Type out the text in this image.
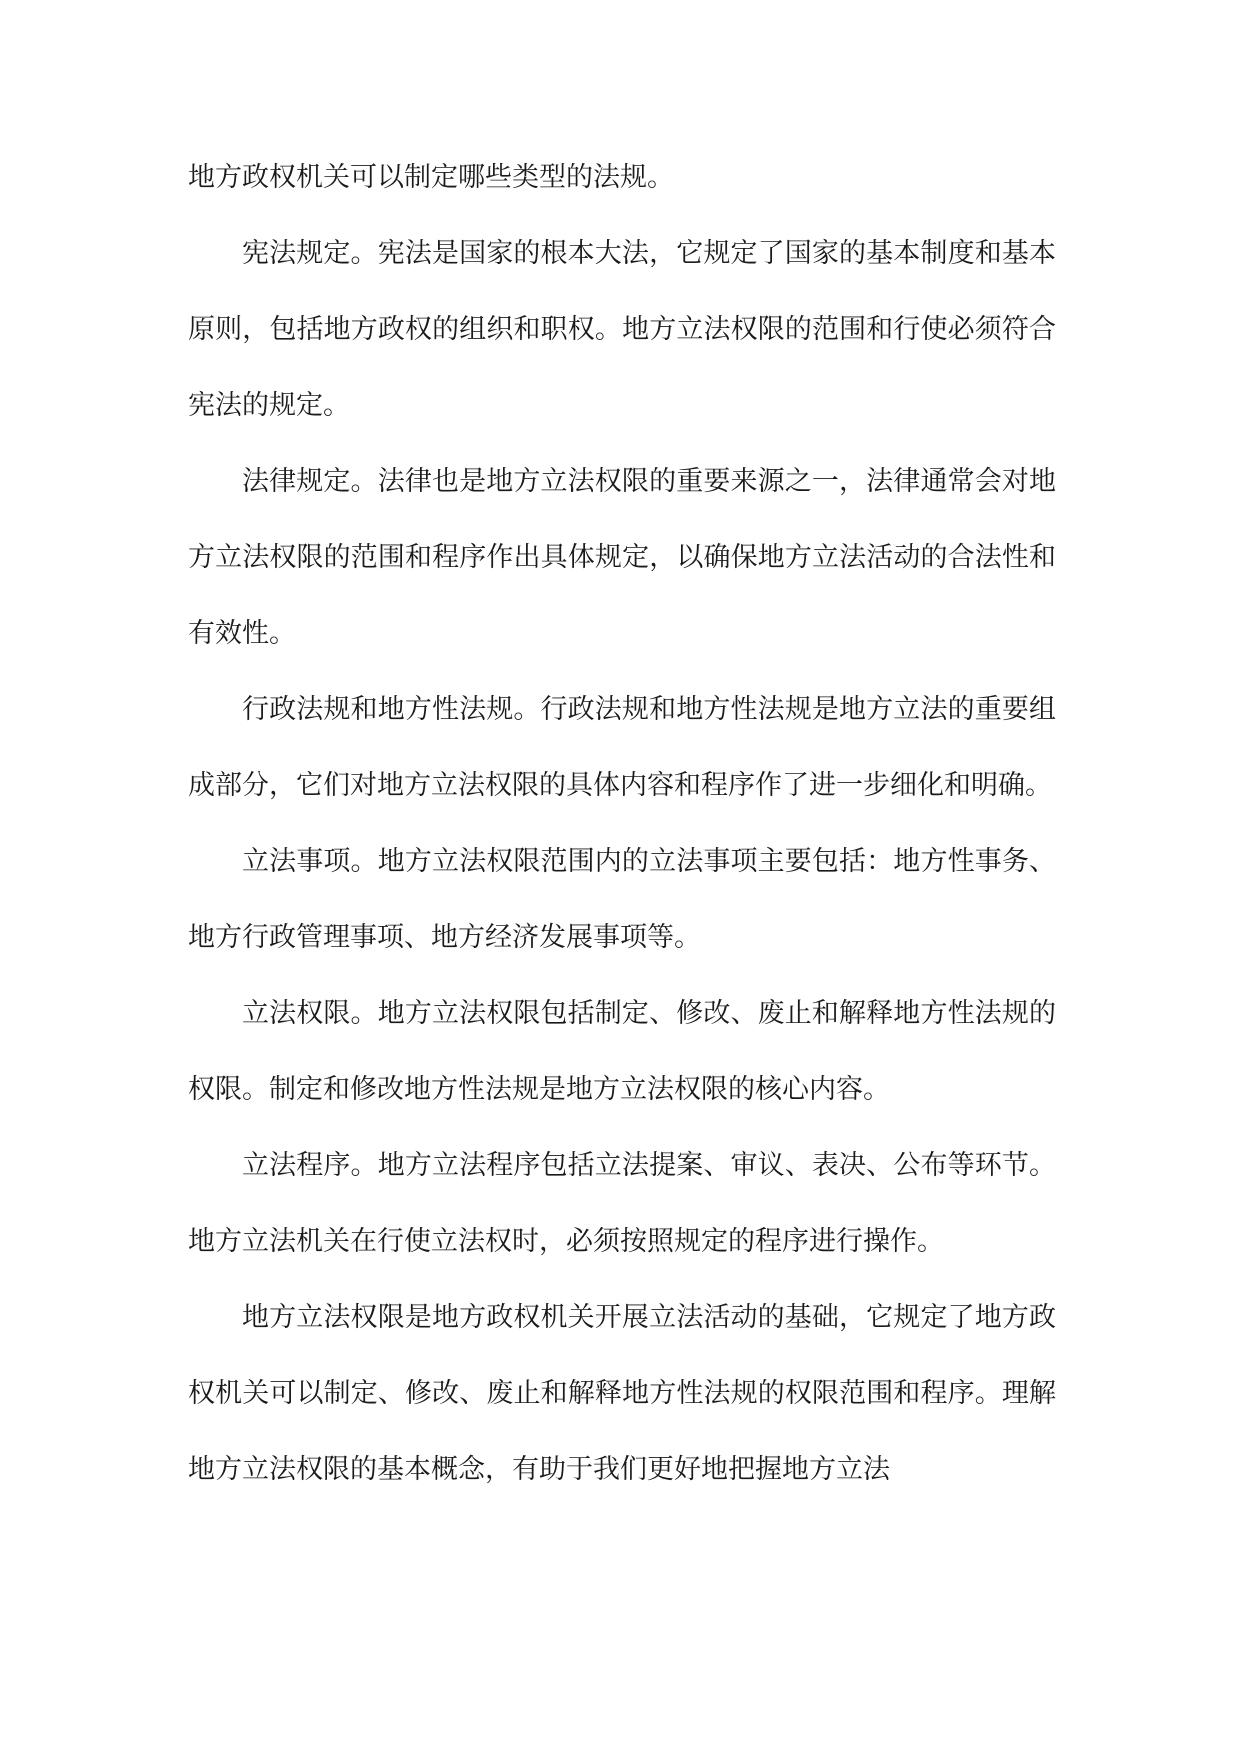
地方政权机关可以制定哪些类型的法规。

宪法规定。宪法是国家的根本大法，它规定了国家的基本制度和基本原则，包括地方政权的组织和职权。地方立法权限的范围和行使必须符合宪法的规定。

法律规定。法律也是地方立法权限的重要来源之一，法律通常会对地方立法权限的范围和程序作出具体规定，以确保地方立法活动的合法性和有效性。

行政法规和地方性法规。行政法规和地方性法规是地方立法的重要组成部分，它们对地方立法权限的具体内容和程序作了进一步细化和明确。

立法事项。地方立法权限范围内的立法事项主要包括：地方性事务、地方行政管理事项、地方经济发展事项等。

立法权限。地方立法权限包括制定、修改、废止和解释地方性法规的权限。制定和修改地方性法规是地方立法权限的核心内容。

立法程序。地方立法程序包括立法提案、审议、表决、公布等环节。地方立法机关在行使立法权时，必须按照规定的程序进行操作。

地方立法权限是地方政权机关开展立法活动的基础，它规定了地方政权机关可以制定、修改、废止和解释地方性法规的权限范围和程序。理解地方立法权限的基本概念，有助于我们更好地把握地方立法
